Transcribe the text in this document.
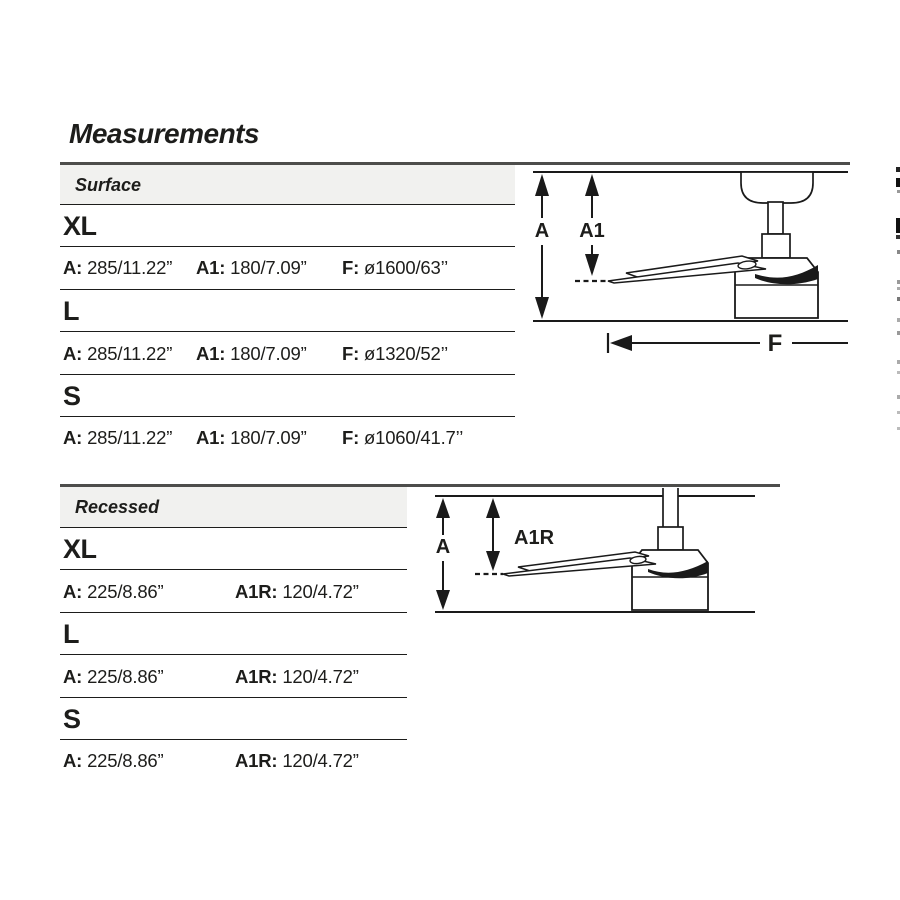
Measurements
Surface
XL
A: 285/11.22” A1: 180/7.09” F: ø1600/63’’
L
A: 285/11.22” A1: 180/7.09” F: ø1320/52’’
S
A: 285/11.22” A1: 180/7.09” F: ø1060/41.7’’
A A1
F
Recessed
XL
A: 225/8.86”	A1R: 120/4.72”
L
A: 225/8.86”	A1R: 120/4.72”
S
A: 225/8.86”	A1R: 120/4.72”
A	A1R
